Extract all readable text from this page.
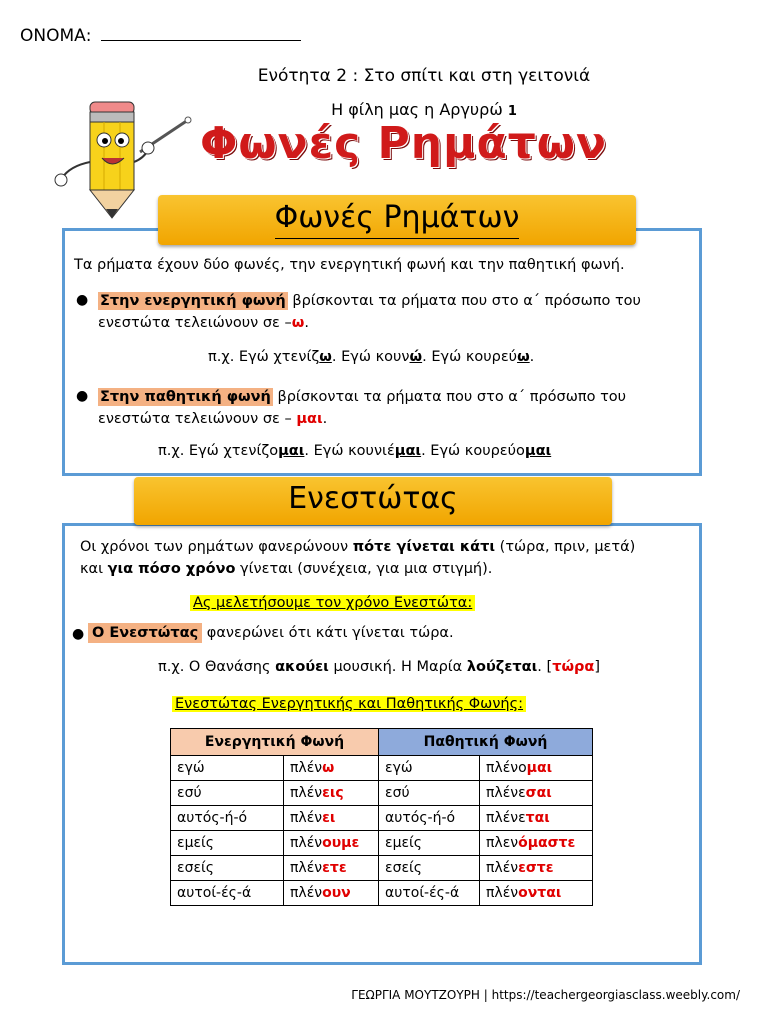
ΟΝΟΜΑ:
Ενότητα 2 : Στο σπίτι και στη γειτονιά
Η φίλη μας η Αργυρώ 1
Φωνές Ρημάτων
Φωνές Ρημάτων
Τα ρήματα έχουν δύο φωνές, την ενεργητική φωνή και την παθητική φωνή.
● Στην ενεργητική φωνή βρίσκονται τα ρήματα που στο α΄ πρόσωπο του
ενεστώτα τελειώνουν σε –ω.
π.χ. Εγώ χτενίζω. Εγώ κουνώ. Εγώ κουρεύω.
● Στην παθητική φωνή βρίσκονται τα ρήματα που στο α΄ πρόσωπο του
ενεστώτα τελειώνουν σε – μαι.
π.χ. Εγώ χτενίζομαι. Εγώ κουνιέμαι. Εγώ κουρεύομαι
Ενεστώτας
Οι χρόνοι των ρημάτων φανερώνουν πότε γίνεται κάτι (τώρα, πριν, μετά)
και για πόσο χρόνο γίνεται (συνέχεια, για μια στιγμή).
Ας μελετήσουμε τον χρόνο Ενεστώτα:
● Ο Ενεστώτας φανερώνει ότι κάτι γίνεται τώρα.
π.χ. Ο Θανάσης ακούει μουσική. Η Μαρία λούζεται. [τώρα]
Ενεστώτας Ενεργητικής και Παθητικής Φωνής:
Ενεργητική Φωνή		Παθητική Φωνή	
εγώ	πλένω	εγώ	πλένομαι
εσύ	πλένεις	εσύ	πλένεσαι
αυτός-ή-ό	πλένει	αυτός-ή-ό	πλένεται
εμείς	πλένουμε	εμείς	πλενόμαστε
εσείς	πλένετε	εσείς	πλένεστε
αυτοί-ές-ά	πλένουν	αυτοί-ές-ά	πλένονται
ΓΕΩΡΓΙΑ ΜΟΥΤΖΟΥΡΗ | https://teachergeorgiasclass.weebly.com/
